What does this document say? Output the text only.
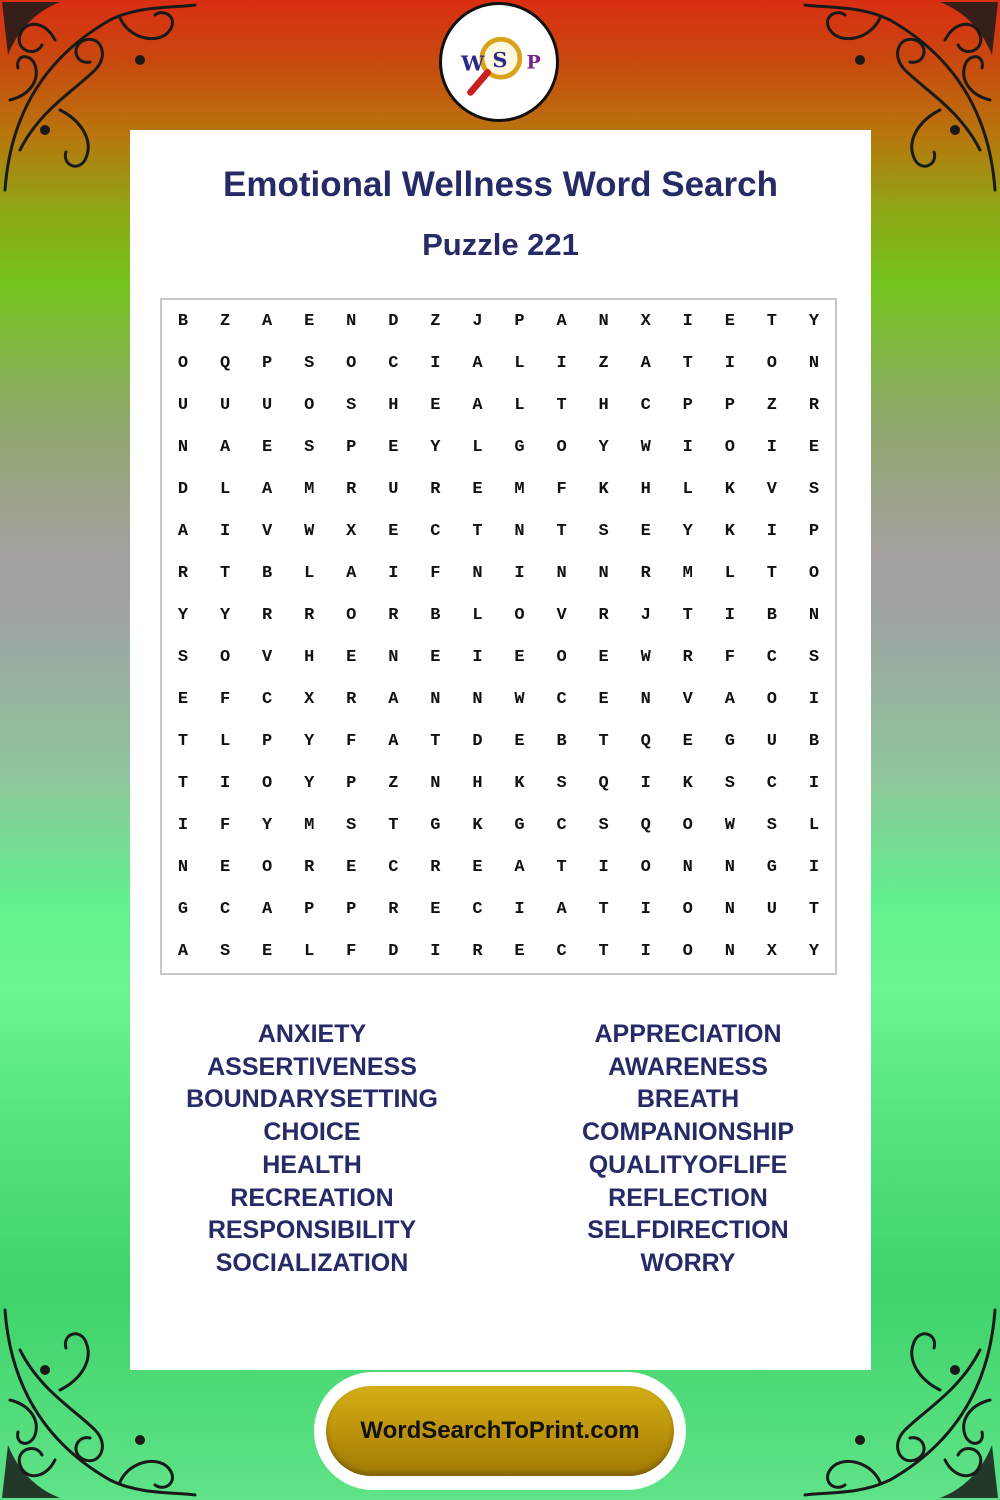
W S P
Emotional Wellness Word Search
Puzzle 221
B	Z	A	E	N	D	Z	J	P	A	N	X	I	E	T	Y
O	Q	P	S	O	C	I	A	L	I	Z	A	T	I	O	N
U	U	U	O	S	H	E	A	L	T	H	C	P	P	Z	R
N	A	E	S	P	E	Y	L	G	O	Y	W	I	O	I	E
D	L	A	M	R	U	R	E	M	F	K	H	L	K	V	S
A	I	V	W	X	E	C	T	N	T	S	E	Y	K	I	P
R	T	B	L	A	I	F	N	I	N	N	R	M	L	T	O
Y	Y	R	R	O	R	B	L	O	V	R	J	T	I	B	N
S	O	V	H	E	N	E	I	E	O	E	W	R	F	C	S
E	F	C	X	R	A	N	N	W	C	E	N	V	A	O	I
T	L	P	Y	F	A	T	D	E	B	T	Q	E	G	U	B
T	I	O	Y	P	Z	N	H	K	S	Q	I	K	S	C	I
I	F	Y	M	S	T	G	K	G	C	S	Q	O	W	S	L
N	E	O	R	E	C	R	E	A	T	I	O	N	N	G	I
G	C	A	P	P	R	E	C	I	A	T	I	O	N	U	T
A	S	E	L	F	D	I	R	E	C	T	I	O	N	X	Y
ANXIETY
ASSERTIVENESS
BOUNDARYSETTING
CHOICE
HEALTH
RECREATION
RESPONSIBILITY
SOCIALIZATION
APPRECIATION
AWARENESS
BREATH
COMPANIONSHIP
QUALITYOFLIFE
REFLECTION
SELFDIRECTION
WORRY
WordSearchToPrint.com
